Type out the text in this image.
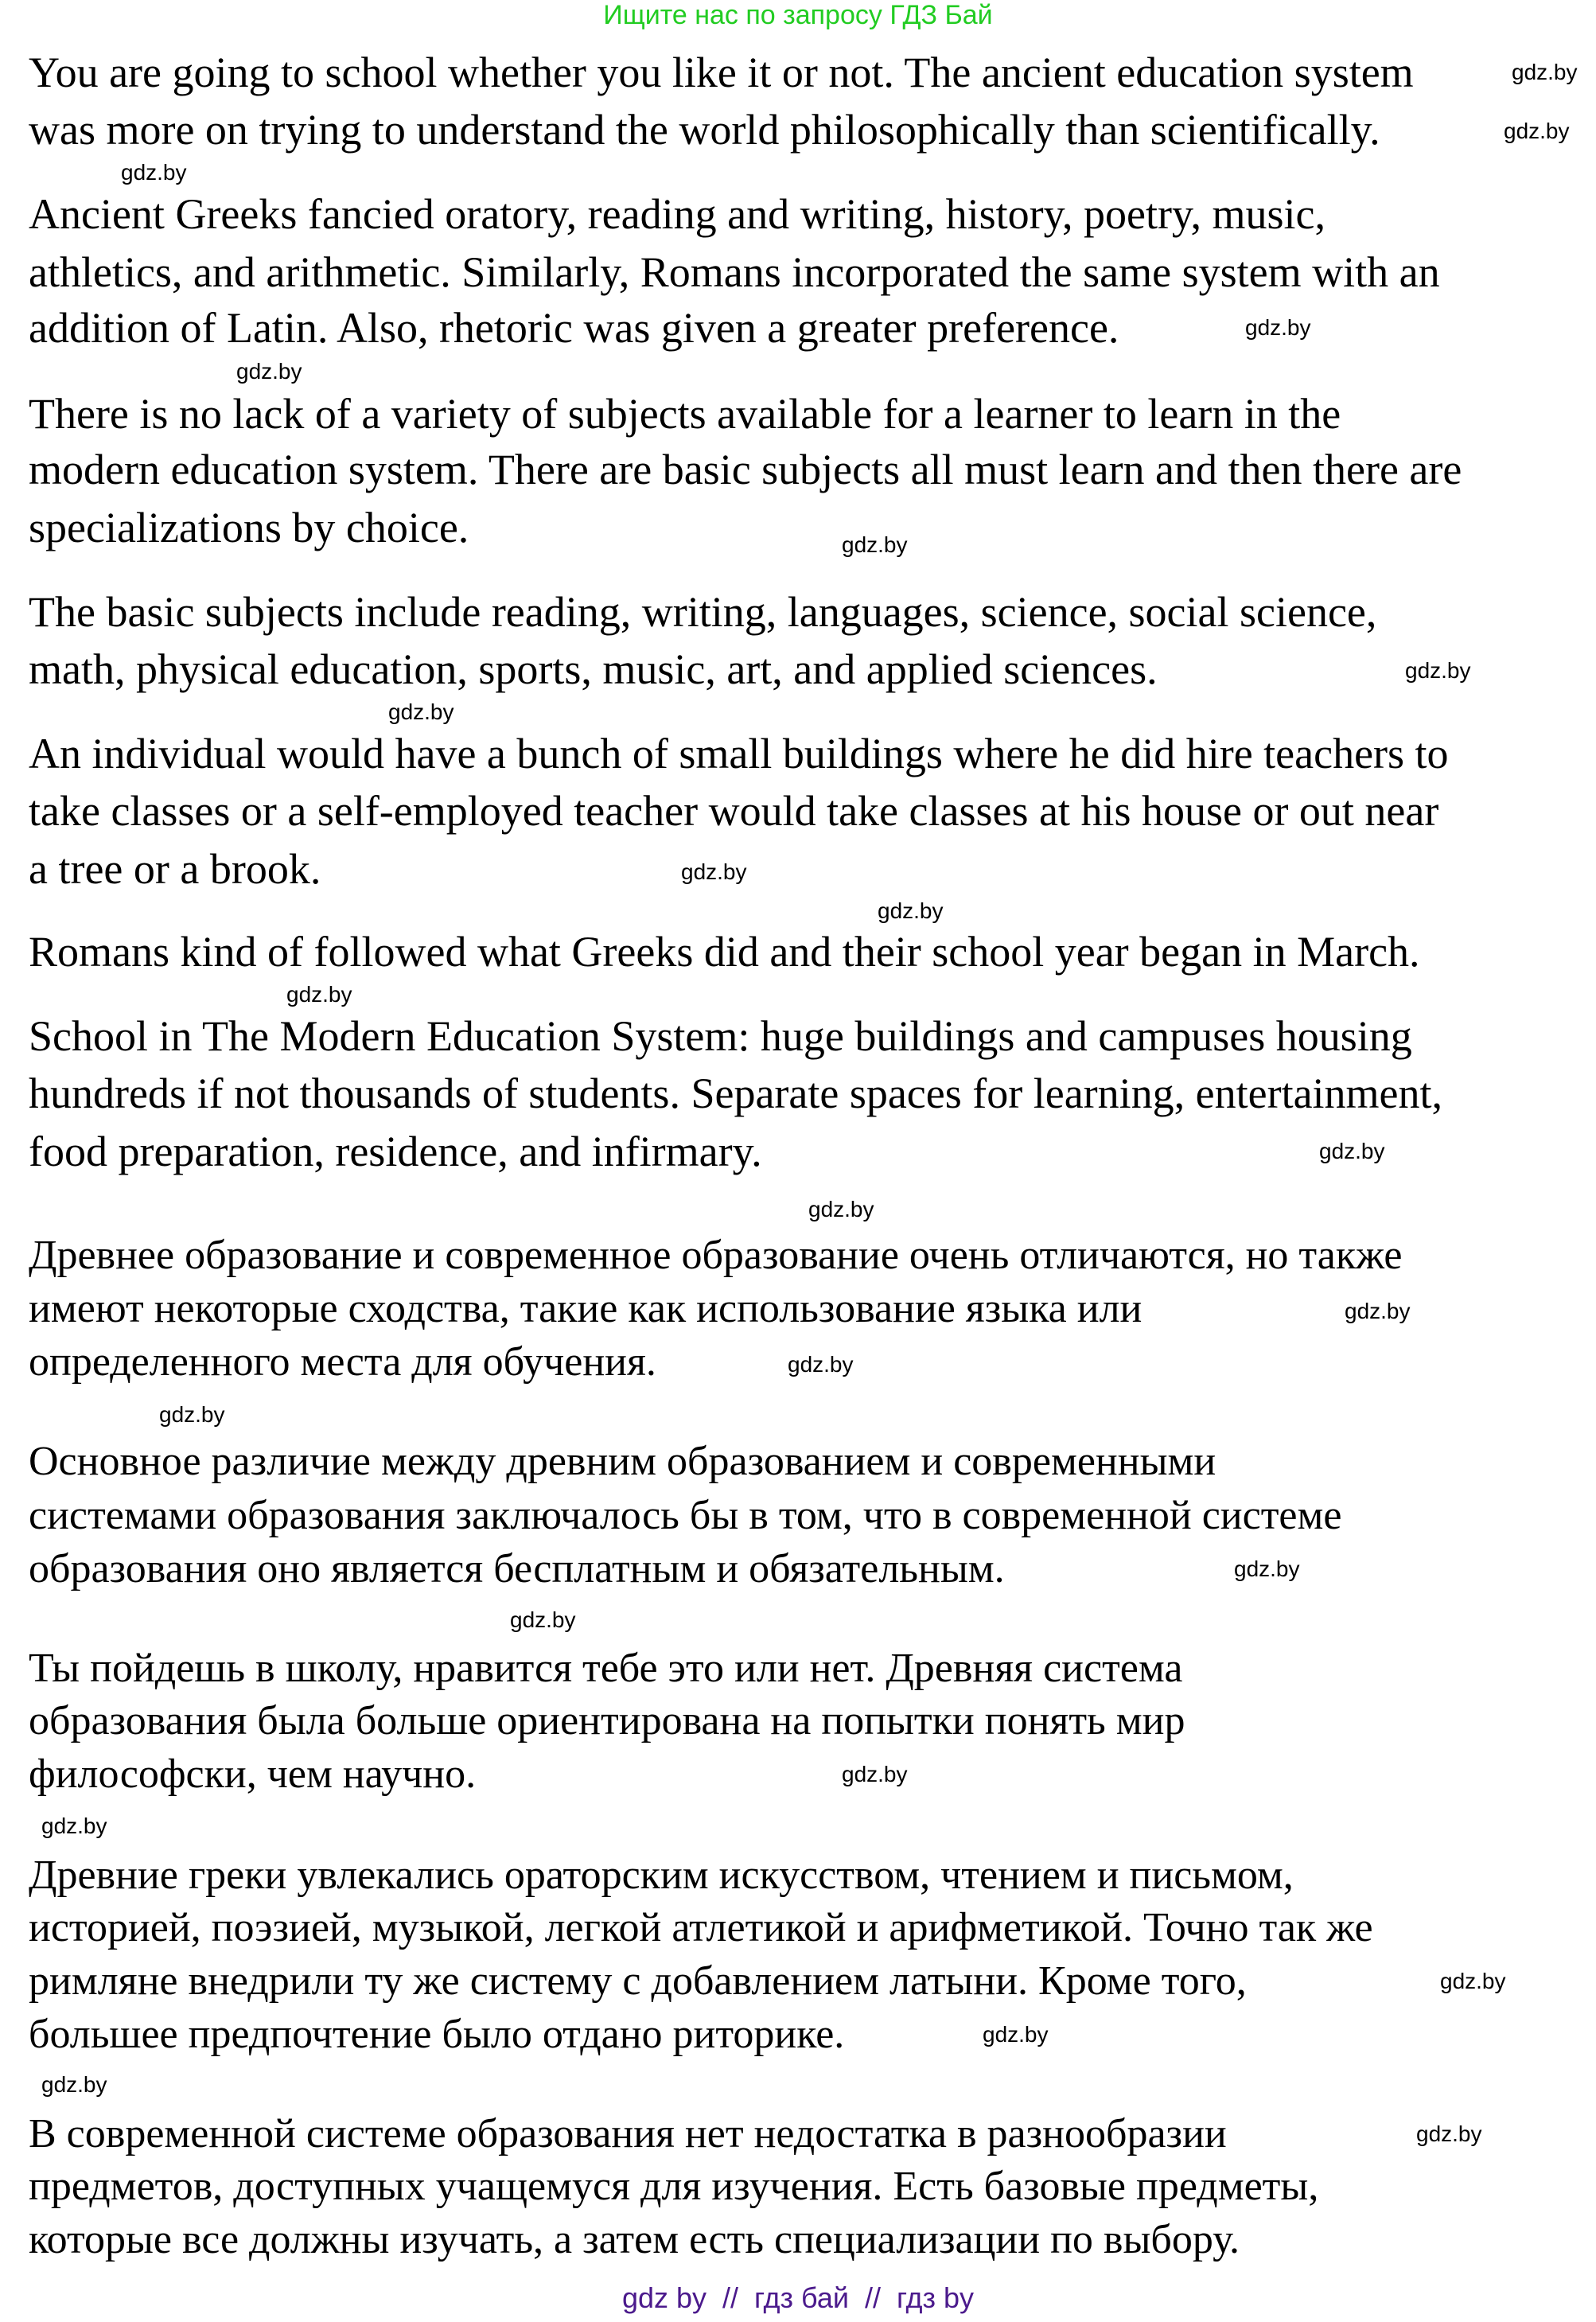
Ищите нас по запросу ГДЗ Бай
You are going to school whether you like it or not. The ancient education system
was more on trying to understand the world philosophically than scientifically.
Ancient Greeks fancied oratory, reading and writing, history, poetry, music,
athletics, and arithmetic. Similarly, Romans incorporated the same system with an
addition of Latin. Also, rhetoric was given a greater preference.
There is no lack of a variety of subjects available for a learner to learn in the
modern education system. There are basic subjects all must learn and then there are
specializations by choice.
The basic subjects include reading, writing, languages, science, social science,
math, physical education, sports, music, art, and applied sciences.
An individual would have a bunch of small buildings where he did hire teachers to
take classes or a self-employed teacher would take classes at his house or out near
a tree or a brook.
Romans kind of followed what Greeks did and their school year began in March.
School in The Modern Education System: huge buildings and campuses housing
hundreds if not thousands of students. Separate spaces for learning, entertainment,
food preparation, residence, and infirmary.
Древнее образование и современное образование очень отличаются, но также
имеют некоторые сходства, такие как использование языка или
определенного места для обучения.
Основное различие между древним образованием и современными
системами образования заключалось бы в том, что в современной системе
образования оно является бесплатным и обязательным.
Ты пойдешь в школу, нравится тебе это или нет. Древняя система
образования была больше ориентирована на попытки понять мир
философски, чем научно.
Древние греки увлекались ораторским искусством, чтением и письмом,
историей, поэзией, музыкой, легкой атлетикой и арифметикой. Точно так же
римляне внедрили ту же систему с добавлением латыни. Кроме того,
большее предпочтение было отдано риторике.
В современной системе образования нет недостатка в разнообразии
предметов, доступных учащемуся для изучения. Есть базовые предметы,
которые все должны изучать, а затем есть специализации по выбору.
gdz.by
gdz.by
gdz.by
gdz.by
gdz.by
gdz.by
gdz.by
gdz.by
gdz.by
gdz.by
gdz.by
gdz.by
gdz.by
gdz.by
gdz.by
gdz.by
gdz.by
gdz.by
gdz.by
gdz.by
gdz.by
gdz.by
gdz.by
gdz.by
gdz by  //  гдз бай  //  гдз by
